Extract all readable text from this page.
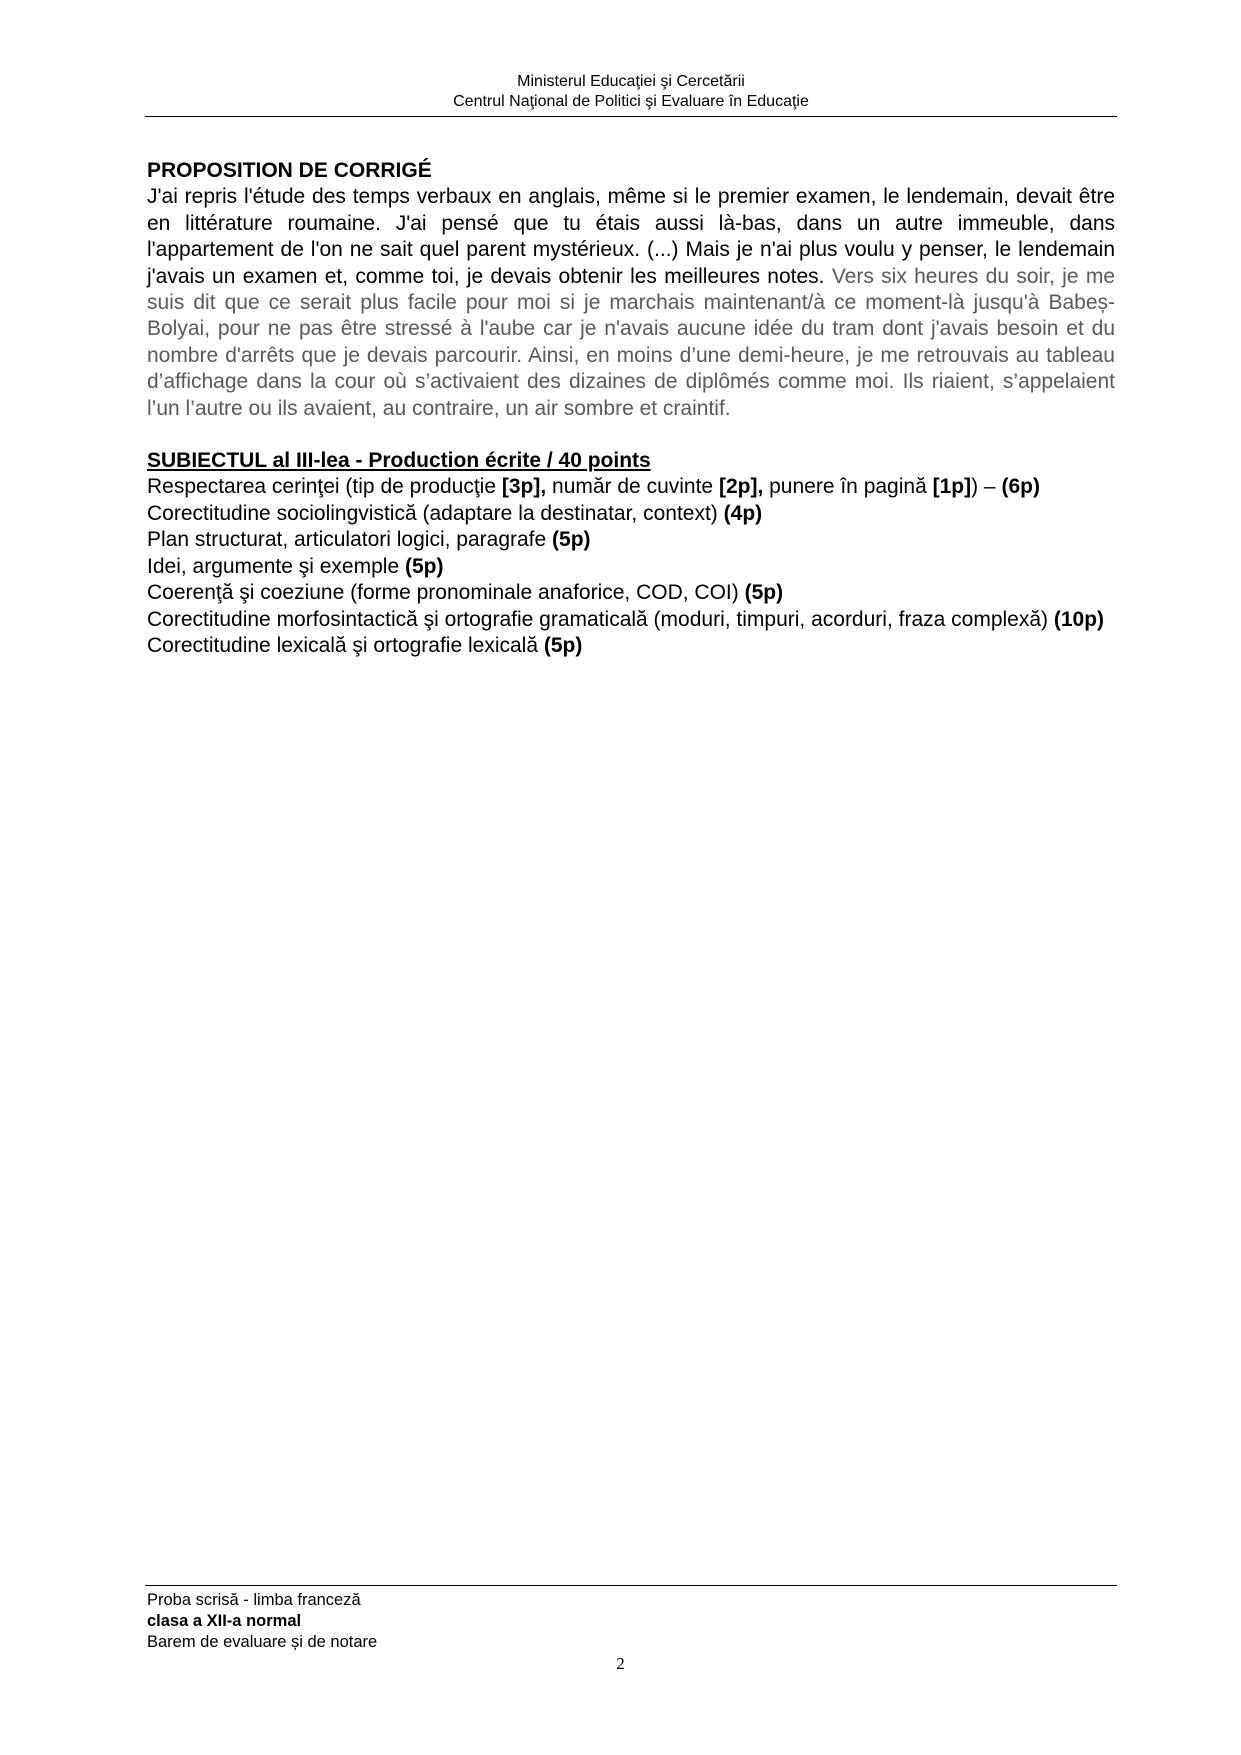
Ministerul Educaţiei şi Cercetării
Centrul Naţional de Politici şi Evaluare în Educaţie
PROPOSITION DE CORRIGÉ
J'ai repris l'étude des temps verbaux en anglais, même si le premier examen, le lendemain, devait être en littérature roumaine. J'ai pensé que tu étais aussi là-bas, dans un autre immeuble, dans l'appartement de l'on ne sait quel parent mystérieux. (...) Mais je n'ai plus voulu y penser, le lendemain j'avais un examen et, comme toi, je devais obtenir les meilleures notes. Vers six heures du soir, je me suis dit que ce serait plus facile pour moi si je marchais maintenant/à ce moment-là jusqu'à Babeș-Bolyai, pour ne pas être stressé à l'aube car je n'avais aucune idée du tram dont j'avais besoin et du nombre d'arrêts que je devais parcourir. Ainsi, en moins d’une demi-heure, je me retrouvais au tableau d’affichage dans la cour où s’activaient des dizaines de diplômés comme moi. Ils riaient, s’appelaient l’un l’autre ou ils avaient, au contraire, un air sombre et craintif.
SUBIECTUL al III-lea - Production écrite / 40 points
Respectarea cerinţei (tip de producţie [3p], număr de cuvinte [2p], punere în pagină [1p]) – (6p)
Corectitudine sociolingvistică (adaptare la destinatar, context) (4p)
Plan structurat, articulatori logici, paragrafe (5p)
Idei, argumente şi exemple (5p)
Coerenţă şi coeziune (forme pronominale anaforice, COD, COI) (5p)
Corectitudine morfosintactică şi ortografie gramaticală (moduri, timpuri, acorduri, fraza complexă) (10p)
Corectitudine lexicală şi ortografie lexicală (5p)
Proba scrisă - limba franceză
clasa a XII-a normal
Barem de evaluare și de notare
2
